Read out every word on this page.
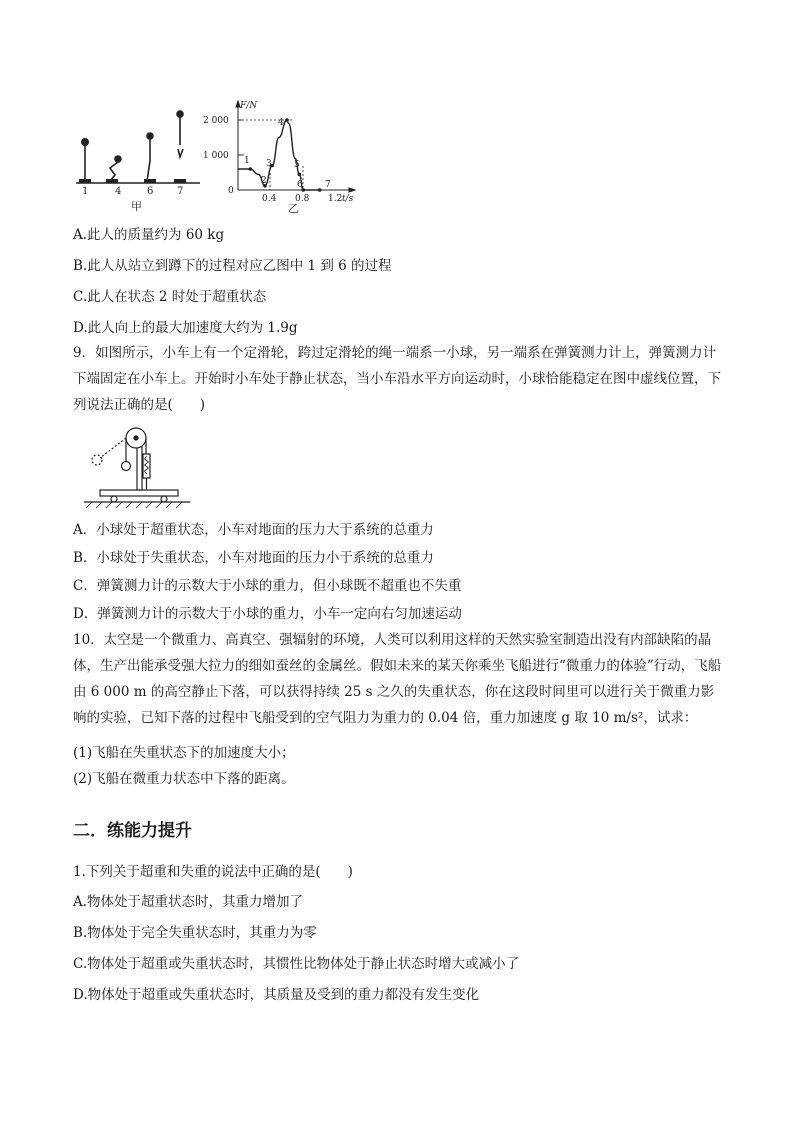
1	4	6 7
甲
F/N
2 000
1 000
0
0.4 0.8 1.2 t/s
1
2
3
4
5
6 7
乙
A.此人的质量约为 60 kg
B.此人从站立到蹲下的过程对应乙图中 1 到 6 的过程
C.此人在状态 2 时处于超重状态
D.此人向上的最大加速度大约为 1.9g
9．如图所示，小车上有一个定滑轮，跨过定滑轮的绳一端系一小球，另一端系在弹簧测力计上，弹簧测力计下端固定在小车上。开始时小车处于静止状态，当小车沿水平方向运动时，小球恰能稳定在图中虚线位置，下列说法正确的是(　　)
A．小球处于超重状态，小车对地面的压力大于系统的总重力
B．小球处于失重状态，小车对地面的压力小于系统的总重力
C．弹簧测力计的示数大于小球的重力，但小球既不超重也不失重
D．弹簧测力计的示数大于小球的重力，小车一定向右匀加速运动
10．太空是一个微重力、高真空、强辐射的环境，人类可以利用这样的天然实验室制造出没有内部缺陷的晶体，生产出能承受强大拉力的细如蚕丝的金属丝。假如未来的某天你乘坐飞船进行“微重力的体验”行动，飞船由 6 000 m 的高空静止下落，可以获得持续 25 s 之久的失重状态，你在这段时间里可以进行关于微重力影响的实验，已知下落的过程中飞船受到的空气阻力为重力的 0.04 倍，重力加速度 g 取 10 m/s²，试求：
(1)飞船在失重状态下的加速度大小；
(2)飞船在微重力状态中下落的距离。
二．练能力提升
1.下列关于超重和失重的说法中正确的是(　　)
A.物体处于超重状态时，其重力增加了
B.物体处于完全失重状态时，其重力为零
C.物体处于超重或失重状态时，其惯性比物体处于静止状态时增大或减小了
D.物体处于超重或失重状态时，其质量及受到的重力都没有发生变化
